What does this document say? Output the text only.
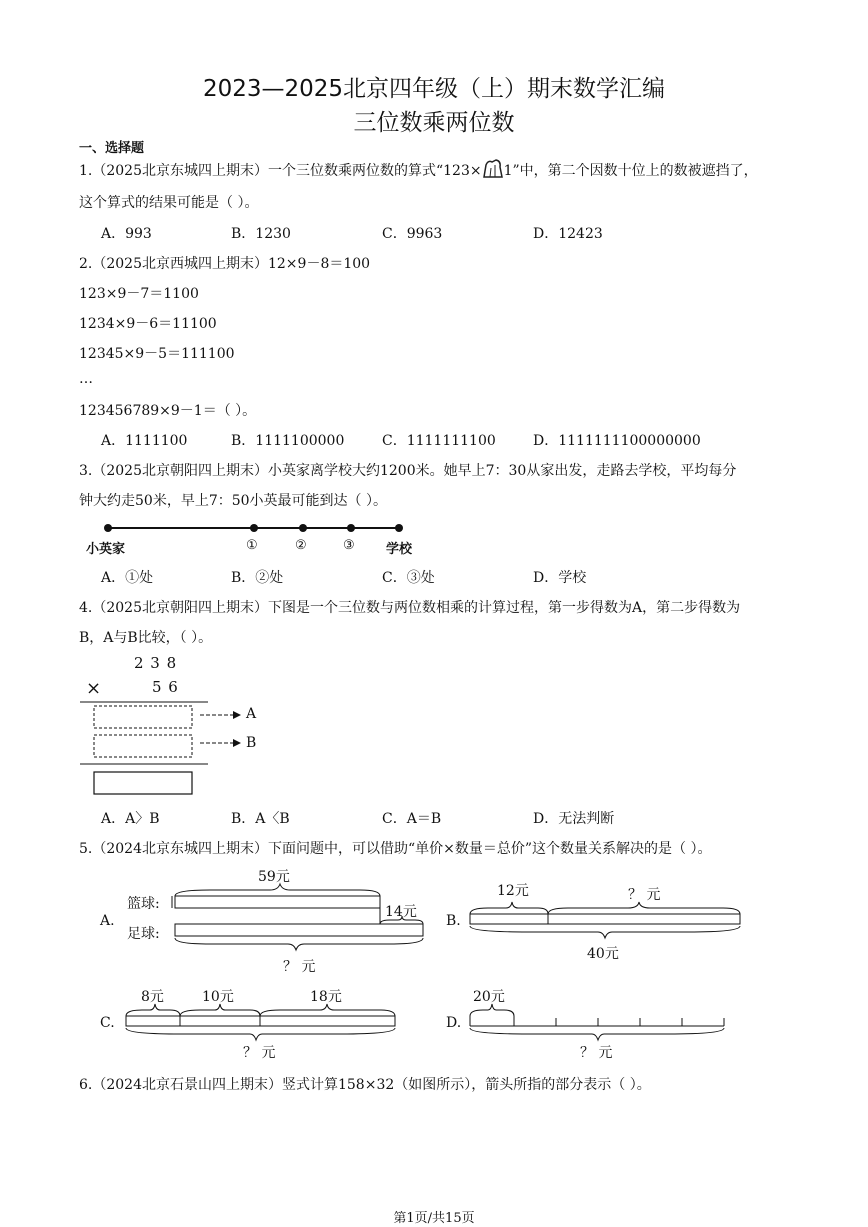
2023—2025北京四年级（上）期末数学汇编
三位数乘两位数
一、选择题
1.（2025北京东城四上期末）一个三位数乘两位数的算式“123× 1”中，第二个因数十位上的数被遮挡了，
这个算式的结果可能是（ ）。
A．993	B．1230	C．9963	D．12423
2.（2025北京西城四上期末）12×9－8＝100
123×9－7＝1100
1234×9－6＝11100
12345×9－5＝111100
…
123456789×9－1＝（ ）。
A．1111100	B．1111100000	C．1111111100	D．1111111100000000
3.（2025北京朝阳四上期末）小英家离学校大约1200米。她早上7：30从家出发，走路去学校，平均每分
钟大约走50米，早上7：50小英最可能到达（ ）。
小英家	①	②	③ 学校
A．①处	B．②处	C．③处	D．学校
4.（2025北京朝阳四上期末）下图是一个三位数与两位数相乘的计算过程，第一步得数为A，第二步得数为
B，A与B比较，（ ）。
2 3 8
×	5 6
A
B
A．A〉B	B．A〈B	C．A＝B	D．无法判断
5.（2024北京东城四上期末）下面问题中，可以借助“单价×数量＝总价”这个数量关系解决的是（ ）。
A.
篮球:
足球:
59元
14元
？ 元
B.
12元	？ 元
40元
C.
8元	10元	18元
？ 元
D.
20元
？ 元
6.（2024北京石景山四上期末）竖式计算158×32（如图所示），箭头所指的部分表示（ ）。
第1页/共15页
